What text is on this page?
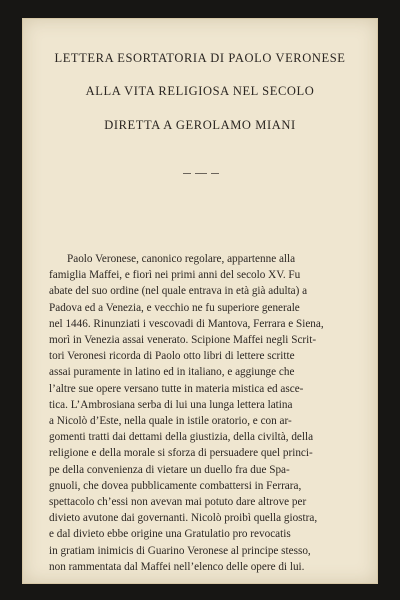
LETTERA ESORTATORIA DI PAOLO VERONESE
ALLA VITA RELIGIOSA NEL SECOLO
DIRETTA A GEROLAMO MIANI
Paolo Veronese, canonico regolare, appartenne alla
famiglia Maffei, e fiorì nei primi anni del secolo XV. Fu
abate del suo ordine (nel quale entrava in età già adulta) a
Padova ed a Venezia, e vecchio ne fu superiore generale
nel 1446. Rinunziati i vescovadi di Mantova, Ferrara e Siena,
morì in Venezia assai venerato. Scipione Maffei negli Scrit-
tori Veronesi ricorda di Paolo otto libri di lettere scritte
assai puramente in latino ed in italiano, e aggiunge che
l’altre sue opere versano tutte in materia mistica ed asce-
tica. L’Ambrosiana serba di lui una lunga lettera latina
a Nicolò d’Este, nella quale in istile oratorio, e con ar-
gomenti tratti dai dettami della giustizia, della civiltà, della
religione e della morale si sforza di persuadere quel princi-
pe della convenienza di vietare un duello fra due Spa-
gnuoli, che dovea pubblicamente combattersi in Ferrara,
spettacolo ch’essi non avevan mai potuto dare altrove per
divieto avutone dai governanti. Nicolò proibì quella giostra,
e dal divieto ebbe origine una Gratulatio pro revocatis
in gratiam inimicis di Guarino Veronese al principe stesso,
non rammentata dal Maffei nell’elenco delle opere di lui.
